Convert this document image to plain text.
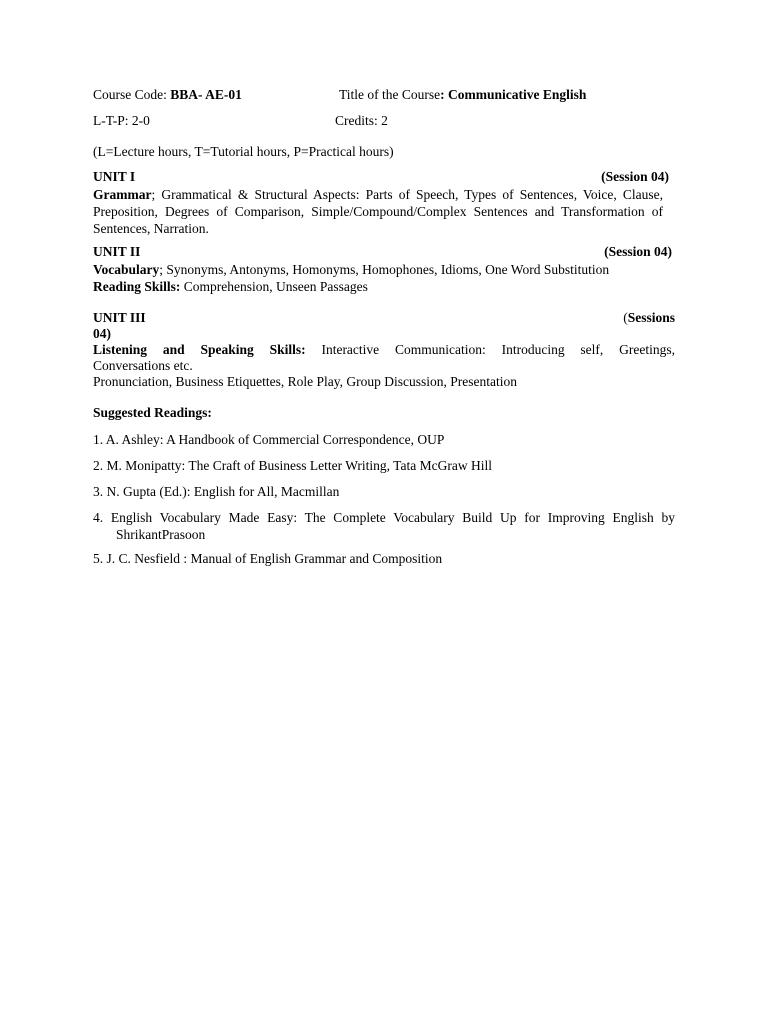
Course Code: BBA- AE-01	Title of the Course: Communicative English
L-T-P: 2-0	Credits: 2
(L=Lecture hours, T=Tutorial hours, P=Practical hours)
UNIT I	(Session 04)
Grammar; Grammatical & Structural Aspects: Parts of Speech, Types of Sentences, Voice, Clause, Preposition, Degrees of Comparison, Simple/Compound/Complex Sentences and Transformation of Sentences, Narration.
UNIT II	(Session 04)
Vocabulary; Synonyms, Antonyms, Homonyms, Homophones, Idioms, One Word Substitution
Reading Skills: Comprehension, Unseen Passages
UNIT III	(Sessions
04)
Listening and Speaking Skills: Interactive Communication: Introducing self, Greetings,
Conversations etc.
Pronunciation, Business Etiquettes, Role Play, Group Discussion, Presentation
Suggested Readings:
1. A. Ashley: A Handbook of Commercial Correspondence, OUP
2. M. Monipatty: The Craft of Business Letter Writing, Tata McGraw Hill
3. N. Gupta (Ed.): English for All, Macmillan
4. English Vocabulary Made Easy: The Complete Vocabulary Build Up for Improving English by ShrikantPrasoon
5. J. C. Nesfield : Manual of English Grammar and Composition
